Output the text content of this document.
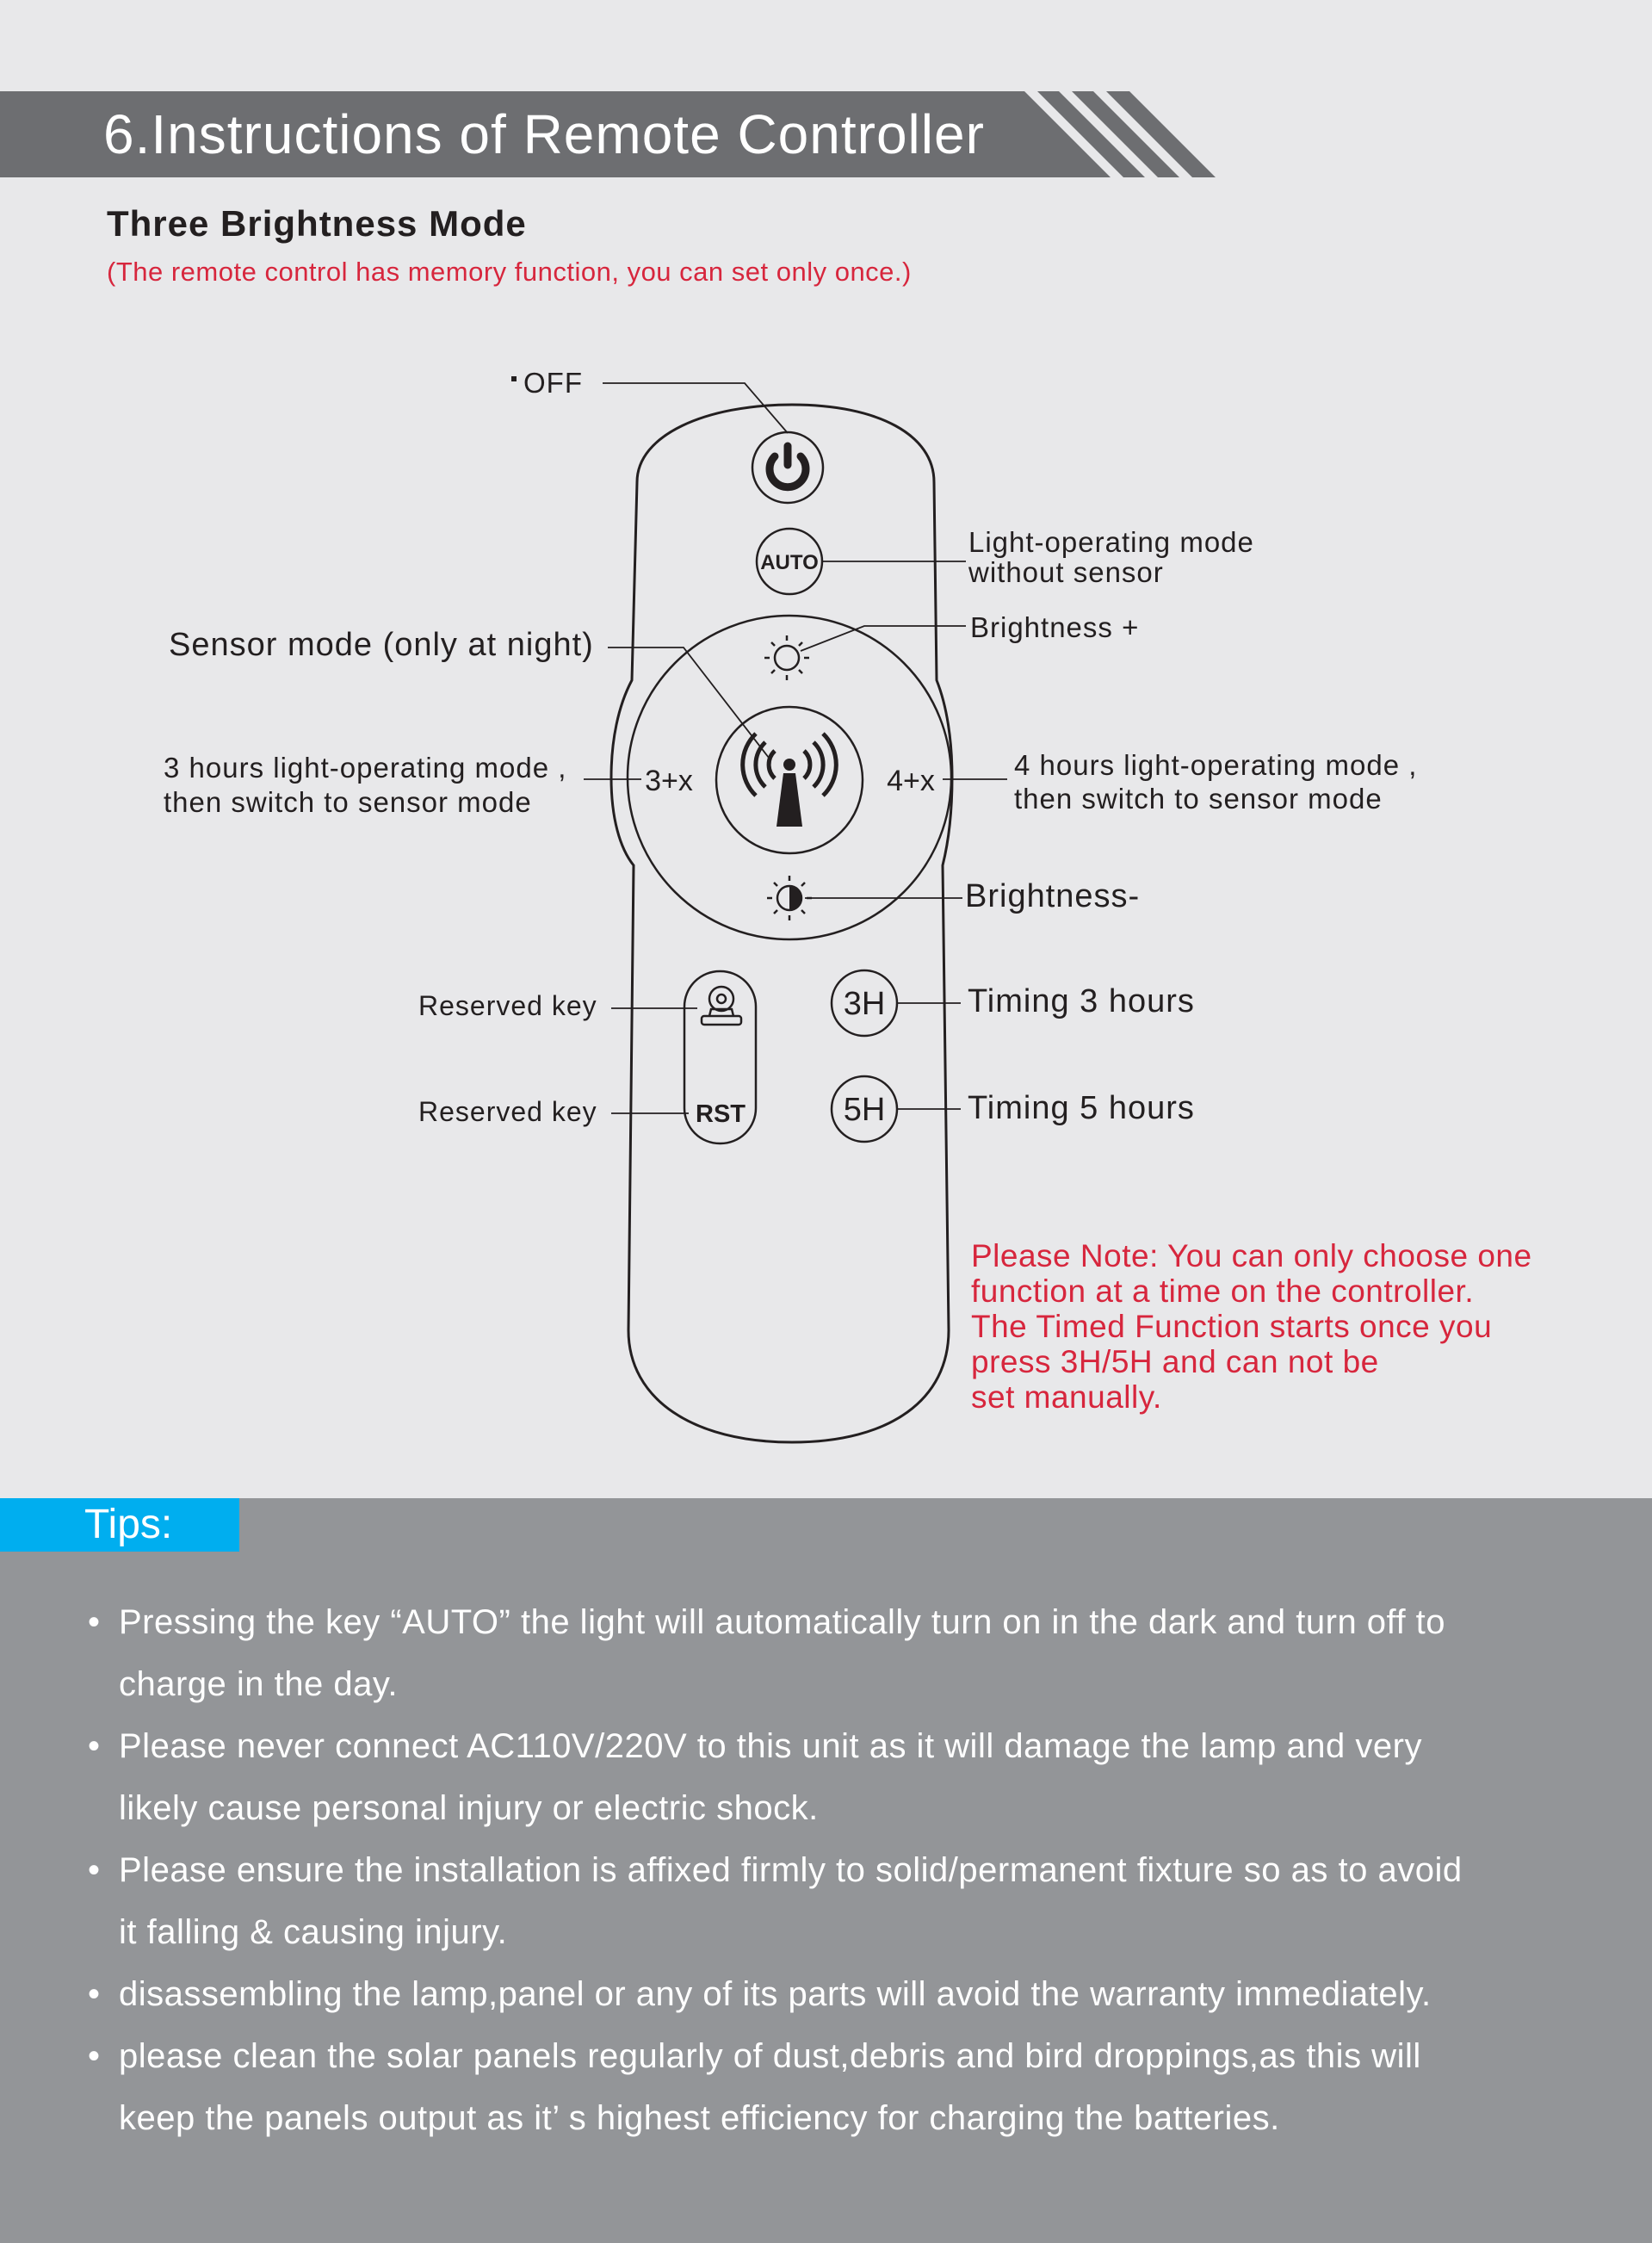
6.Instructions of Remote Controller
Three Brightness Mode
(The remote control has memory function, you can set only once.)
AUTO
3+x	4+x
RST
3H
5H
OFF
Light-operating mode
without sensor
Brightness +
Sensor mode (only at night)
3 hours light-operating mode ,
then switch to sensor mode
4 hours light-operating mode ,
then switch to sensor mode
Brightness-
Reserved key
Reserved key
Timing 3 hours
Timing 5 hours
Please Note: You can only choose one
function at a time on the controller.
The Timed Function starts once you
press 3H/5H and can not be
set manually.
Tips:
• Pressing the key “AUTO” the light will automatically turn on in the dark and turn off to
charge in the day.
• Please never connect AC110V/220V to this unit as it will damage the lamp and very
likely cause personal injury or electric shock.
• Please ensure the installation is affixed firmly to solid/permanent fixture so as to avoid
it falling & causing injury.
• disassembling the lamp,panel or any of its parts will avoid the warranty immediately.
• please clean the solar panels regularly of dust,debris and bird droppings,as this will
keep the panels output as it’ s highest efficiency for charging the batteries.
